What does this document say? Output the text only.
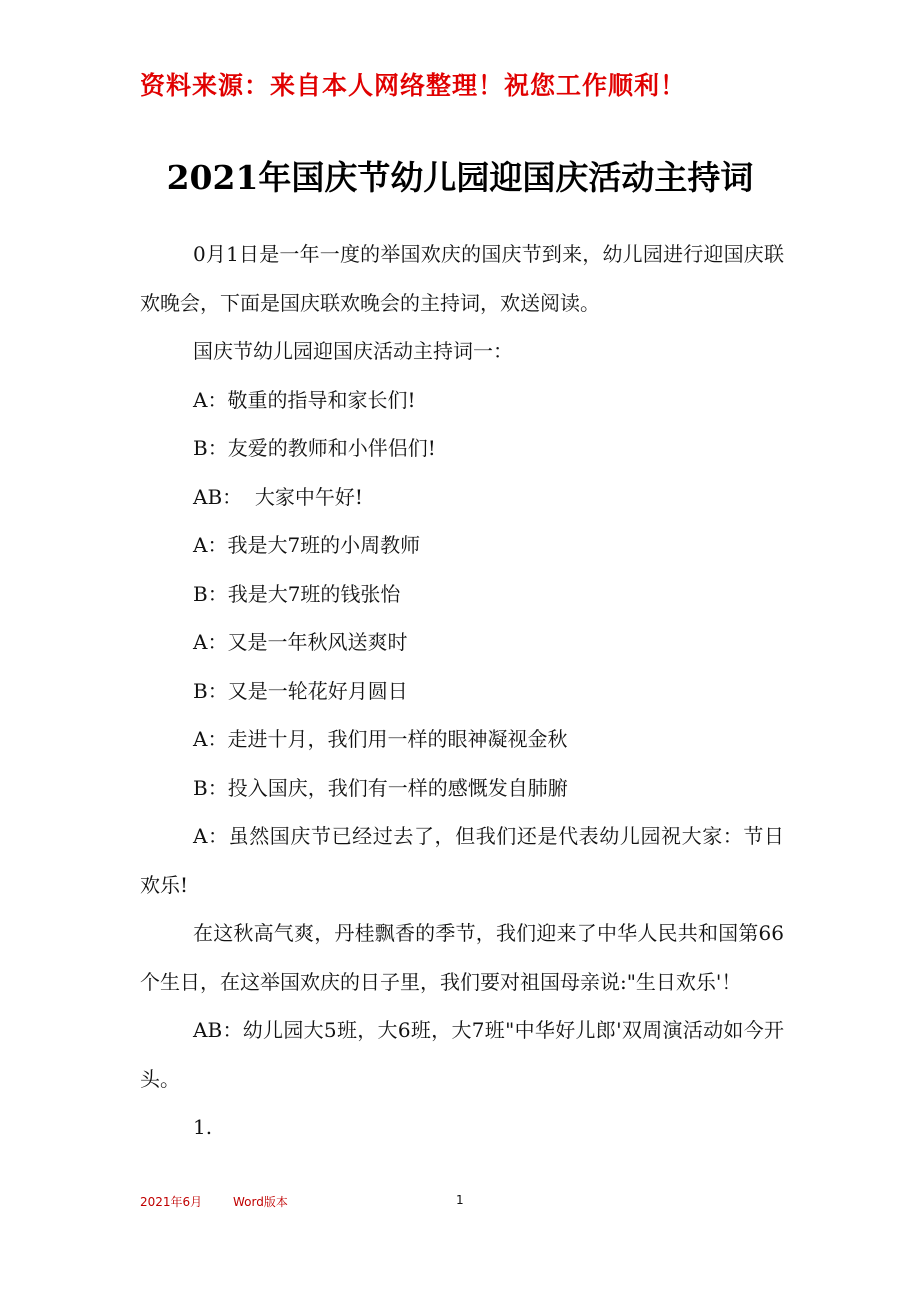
资料来源：来自本人网络整理！祝您工作顺利！
2021年国庆节幼儿园迎国庆活动主持词

0月1日是一年一度的举国欢庆的国庆节到来，幼儿园进行迎国庆联欢晚会，下面是国庆联欢晚会的主持词，欢送阅读。

国庆节幼儿园迎国庆活动主持词一：

A：敬重的指导和家长们!

B：友爱的教师和小伴侣们!

AB：  大家中午好!

A：我是大7班的小周教师

B：我是大7班的钱张怡

A：又是一年秋风送爽时

B：又是一轮花好月圆日

A：走进十月，我们用一样的眼神凝视金秋

B：投入国庆，我们有一样的感慨发自肺腑

A：虽然国庆节已经过去了，但我们还是代表幼儿园祝大家：节日欢乐!

在这秋高气爽，丹桂飘香的季节，我们迎来了中华人民共和国第66个生日，在这举国欢庆的日子里，我们要对祖国母亲说:"生日欢乐'！

AB：幼儿园大5班，大6班，大7班"中华好儿郎'双周演活动如今开头。

1.

2021年6月	Word版本	1
